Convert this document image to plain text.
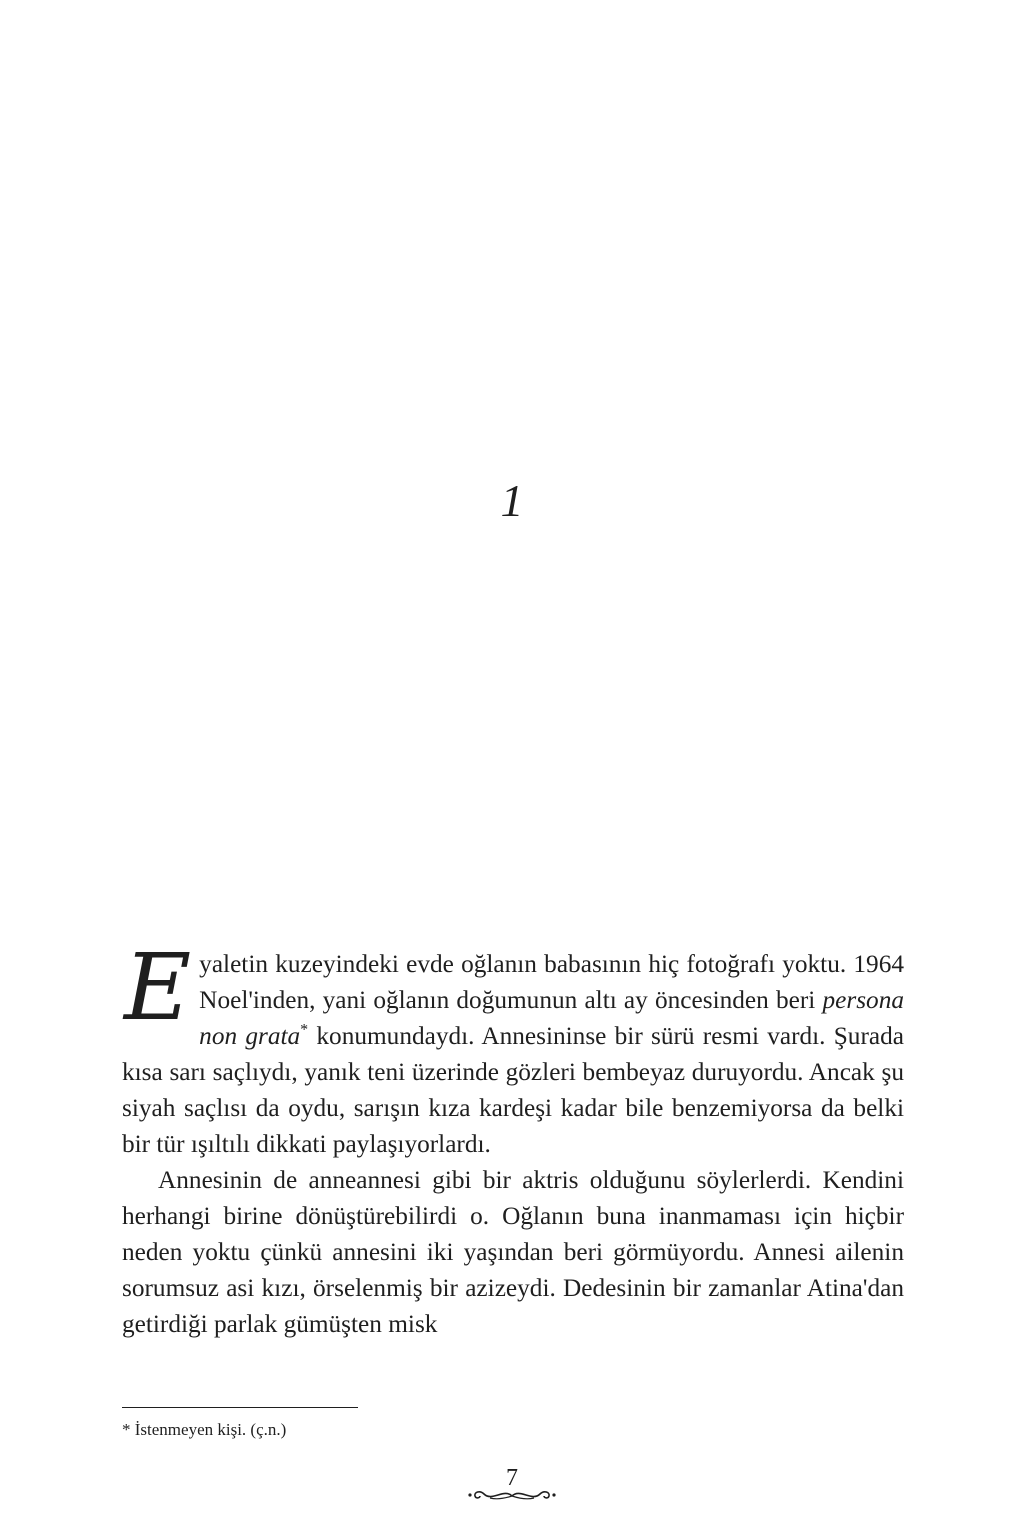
1

Eyaletin kuzeyindeki evde oğlanın babasının hiç fotoğrafı yoktu. 1964 Noel'inden, yani oğlanın doğumunun altı ay öncesinden beri persona non grata* konumundaydı. Annesininse bir sürü resmi vardı. Şurada kısa sarı saçlıydı, yanık teni üzerinde gözleri bembeyaz duruyordu. Ancak şu siyah saçlısı da oydu, sarışın kıza kardeşi kadar bile benzemiyorsa da belki bir tür ışıltılı dikkati paylaşıyorlardı.

Annesinin de anneannesi gibi bir aktris olduğunu söylerlerdi. Kendini herhangi birine dönüştürebilirdi o. Oğlanın buna inanmaması için hiçbir neden yoktu çünkü annesini iki yaşından beri görmüyordu. Annesi ailenin sorumsuz asi kızı, örselenmiş bir azizeydi. Dedesinin bir zamanlar Atina'dan getirdiği parlak gümüşten misk

* İstenmeyen kişi. (ç.n.)
7
